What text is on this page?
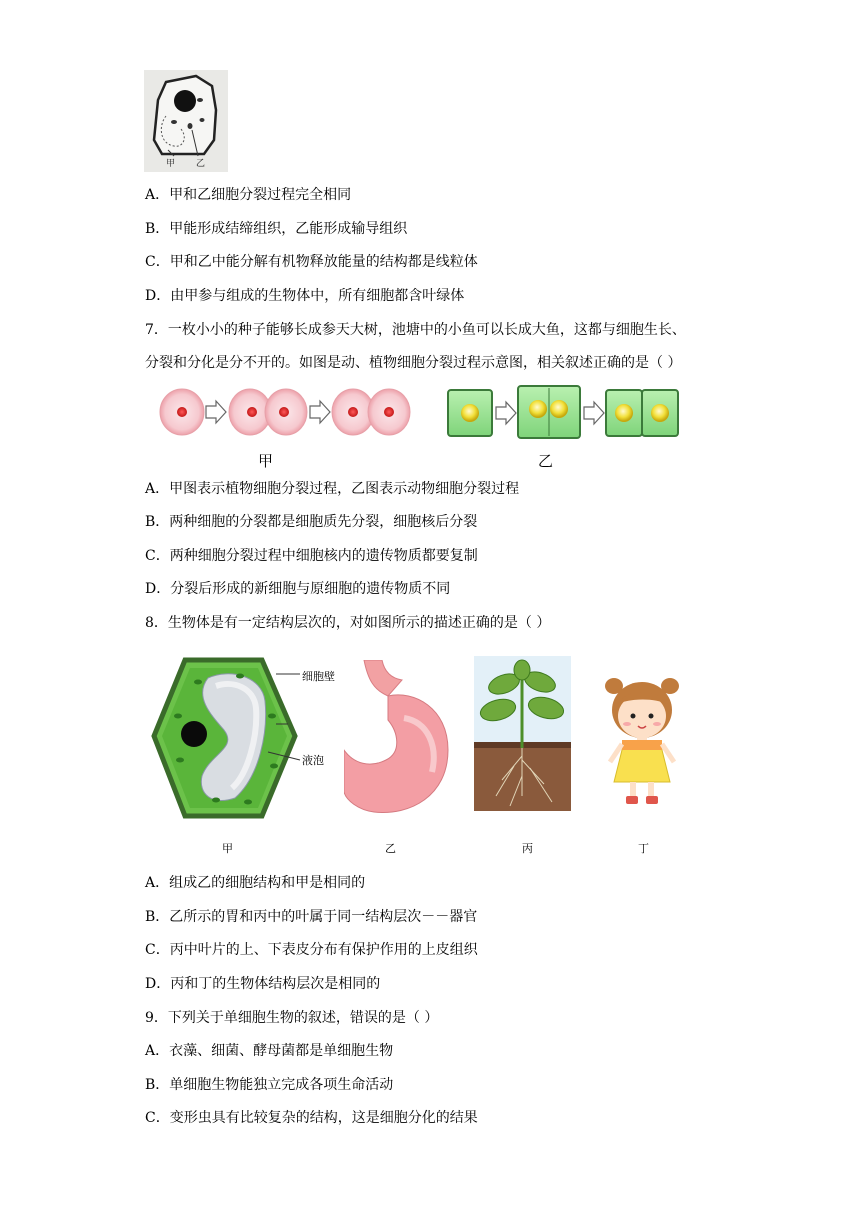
甲 乙
A．甲和乙细胞分裂过程完全相同
B．甲能形成结缔组织，乙能形成输导组织
C．甲和乙中能分解有机物释放能量的结构都是线粒体
D．由甲参与组成的生物体中，所有细胞都含叶绿体
7．一枚小小的种子能够长成参天大树，池塘中的小鱼可以长成大鱼，这都与细胞生长、
分裂和分化是分不开的。如图是动、植物细胞分裂过程示意图，相关叙述正确的是（ ）
甲	乙
A．甲图表示植物细胞分裂过程，乙图表示动物细胞分裂过程
B．两种细胞的分裂都是细胞质先分裂，细胞核后分裂
C．两种细胞分裂过程中细胞核内的遗传物质都要复制
D．分裂后形成的新细胞与原细胞的遗传物质不同
8．生物体是有一定结构层次的，对如图所示的描述正确的是（ ）
细胞壁
液泡
甲	乙	丙	丁
A．组成乙的细胞结构和甲是相同的
B．乙所示的胃和丙中的叶属于同一结构层次－－器官
C．丙中叶片的上、下表皮分布有保护作用的上皮组织
D．丙和丁的生物体结构层次是相同的
9．下列关于单细胞生物的叙述，错误的是（ ）
A．衣藻、细菌、酵母菌都是单细胞生物
B．单细胞生物能独立完成各项生命活动
C．变形虫具有比较复杂的结构，这是细胞分化的结果
